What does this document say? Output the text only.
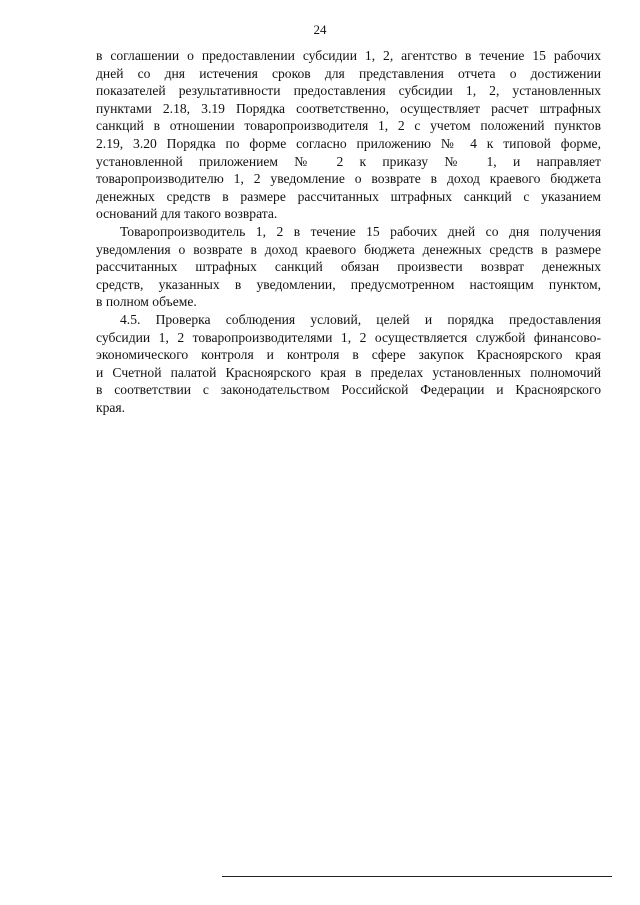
24
в соглашении о предоставлении субсидии 1, 2, агентство в течение 15 рабочих
дней со дня истечения сроков для представления отчета о достижении
показателей результативности предоставления субсидии 1, 2, установленных
пунктами 2.18, 3.19 Порядка соответственно, осуществляет расчет штрафных
санкций в отношении товаропроизводителя 1, 2 с учетом положений пунктов
2.19, 3.20 Порядка по форме согласно приложению № 4 к типовой форме,
установленной приложением № 2 к приказу № 1, и направляет
товаропроизводителю 1, 2 уведомление о возврате в доход краевого бюджета
денежных средств в размере рассчитанных штрафных санкций с указанием
оснований для такого возврата.
Товаропроизводитель 1, 2 в течение 15 рабочих дней со дня получения
уведомления о возврате в доход краевого бюджета денежных средств в размере
рассчитанных штрафных санкций обязан произвести возврат денежных
средств, указанных в уведомлении, предусмотренном настоящим пунктом,
в полном объеме.
4.5. Проверка соблюдения условий, целей и порядка предоставления
субсидии 1, 2 товаропроизводителями 1, 2 осуществляется службой финансово-
экономического контроля и контроля в сфере закупок Красноярского края
и Счетной палатой Красноярского края в пределах установленных полномочий
в соответствии с законодательством Российской Федерации и Красноярского
края.
